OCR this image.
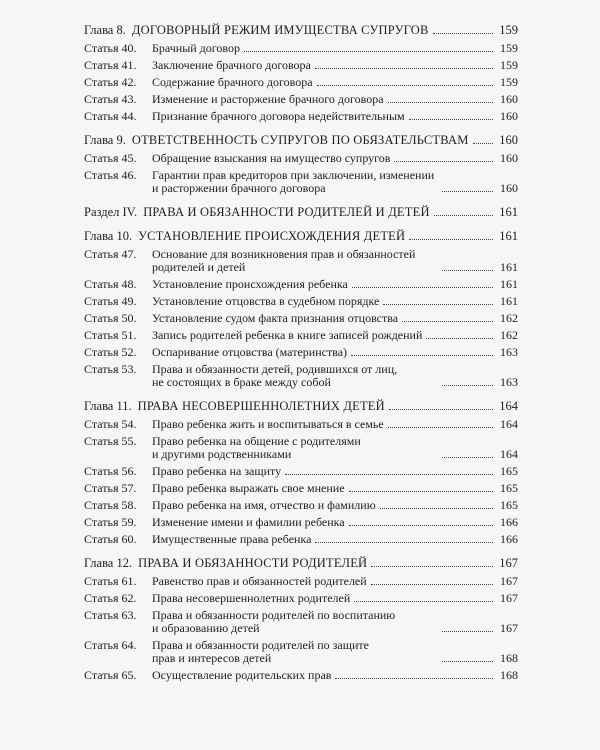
Глава 8. ДОГОВОРНЫЙ РЕЖИМ ИМУЩЕСТВА СУПРУГОВ	159
Статья 40.	Брачный договор	159
Статья 41.	Заключение брачного договора	159
Статья 42.	Содержание брачного договора	159
Статья 43.	Изменение и расторжение брачного договора	160
Статья 44.	Признание брачного договора недействительным	160
Глава 9. ОТВЕТСТВЕННОСТЬ СУПРУГОВ ПО ОБЯЗАТЕЛЬСТВАМ 160
Статья 45.	Обращение взыскания на имущество супругов	160
Статья 46.	Гарантии прав кредиторов при заключении, изменении
и расторжении брачного договора	160
Раздел IV. ПРАВА И ОБЯЗАННОСТИ РОДИТЕЛЕЙ И ДЕТЕЙ	161
Глава 10. УСТАНОВЛЕНИЕ ПРОИСХОЖДЕНИЯ ДЕТЕЙ	161
Статья 47.	Основание для возникновения прав и обязанностей
родителей и детей	161
Статья 48.	Установление происхождения ребенка	161
Статья 49.	Установление отцовства в судебном порядке	161
Статья 50.	Установление судом факта признания отцовства	162
Статья 51.	Запись родителей ребенка в книге записей рождений	162
Статья 52.	Оспаривание отцовства (материнства)	163
Статья 53.	Права и обязанности детей, родившихся от лиц,
не состоящих в браке между собой	163
Глава 11. ПРАВА НЕСОВЕРШЕННОЛЕТНИХ ДЕТЕЙ	164
Статья 54.	Право ребенка жить и воспитываться в семье	164
Статья 55.	Право ребенка на общение с родителями
и другими родственниками	164
Статья 56.	Право ребенка на защиту	165
Статья 57.	Право ребенка выражать свое мнение	165
Статья 58.	Право ребенка на имя, отчество и фамилию	165
Статья 59.	Изменение имени и фамилии ребенка	166
Статья 60.	Имущественные права ребенка	166
Глава 12. ПРАВА И ОБЯЗАННОСТИ РОДИТЕЛЕЙ	167
Статья 61.	Равенство прав и обязанностей родителей	167
Статья 62.	Права несовершеннолетних родителей	167
Статья 63.	Права и обязанности родителей по воспитанию
и образованию детей	167
Статья 64.	Права и обязанности родителей по защите
прав и интересов детей	168
Статья 65.	Осуществление родительских прав	168
